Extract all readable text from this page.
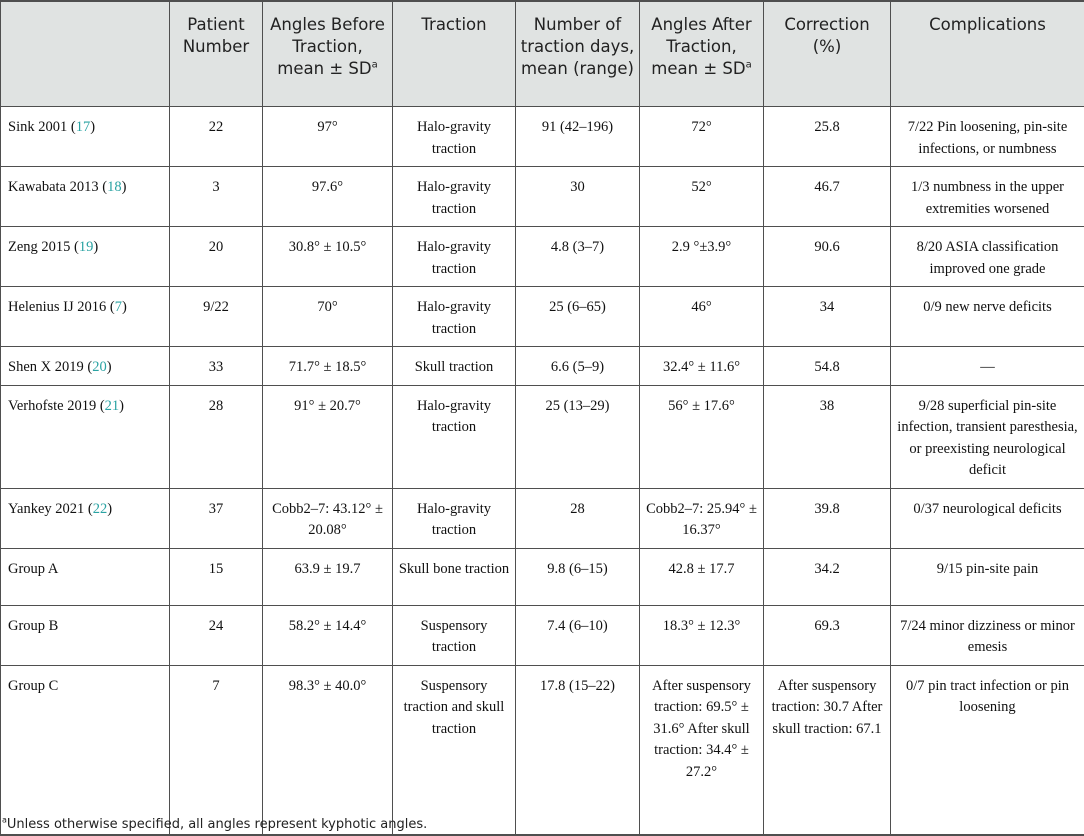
	Patient Number	Angles Before Traction, mean ± $SD^a$	Traction	Number of traction days, mean (range)	Angles After Traction, mean ± $SD^a$	Correction (%)	Complications
Sink 2001 (17)	22	97°	Halo-gravity traction	91 (42–196)	72°	25.8	7/22 Pin loosening, pin-site infections, or numbness
Kawabata 2013 (18)	3	97.6°	Halo-gravity traction	30	52°	46.7	1/3 numbness in the upper extremities worsened
Zeng 2015 (19)	20	30.8° ± 10.5°	Halo-gravity traction	4.8 (3–7)	2.9 °±3.9°	90.6	8/20 ASIA classification improved one grade
Helenius IJ 2016 (7)	9/22	70°	Halo-gravity traction	25 (6–65)	46°	34	0/9 new nerve deficits
Shen X 2019 (20)	33	71.7° ± 18.5°	Skull traction	6.6 (5–9)	32.4° ± 11.6°	54.8	—
Verhofste 2019 (21)	28	91° ± 20.7°	Halo-gravity traction	25 (13–29)	56° ± 17.6°	38	9/28 superficial pin-site infection, transient paresthesia, or preexisting neurological deficit
Yankey 2021 (22)	37	Cobb2–7: 43.12° ± 20.08°	Halo-gravity traction	28	Cobb2–7: 25.94° ± 16.37°	39.8	0/37 neurological deficits
Group A	15	63.9 ± 19.7	Skull bone traction	9.8 (6–15)	42.8 ± 17.7	34.2	9/15 pin-site pain
Group B	24	58.2° ± 14.4°	Suspensory traction	7.4 (6–10)	18.3° ± 12.3°	69.3	7/24 minor dizziness or minor emesis
Group C	7	98.3° ± 40.0°	Suspensory traction and skull traction	17.8 (15–22)	After suspensory traction: 69.5° ± 31.6° After skull traction: 34.4° ± 27.2°	After suspensory traction: 30.7 After skull traction: 67.1	0/7 pin tract infection or pin loosening
$^a$Unless otherwise specified, all angles represent kyphotic angles.
